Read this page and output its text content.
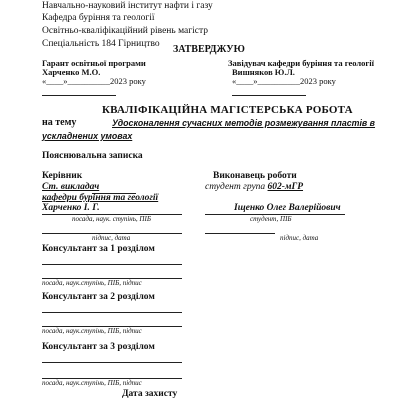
Навчально-науковий інститут нафти і газу
Кафедра буріння та геології
Освітньо-кваліфікаційний рівень магістр
Спеціальність 184 Гірництво ЗАТВЕРДЖУЮ
Гарант освітньої програми
Харченко М.О.
«____»__________2023 року
Завідувач кафедри буріння та геології
Вишняков Ю.Л.
«____»__________2023 року
КВАЛІФІКАЦІЙНА МАГІСТЕРСЬКА РОБОТА
на тему	Удосконалення сучасних методів розмежування пластів в
ускладнених умовах
Пояснювальна записка
Керівник
Ст. викладач
кафедри буріння та геології
Харченко І. Г.
посада, наук. ступінь, ПІБ
підпис, дата
Виконавець роботи
студент група 602-мГР
Іщенко Олег Валерійович
студент, ПІБ
підпис, дата
Консультант за 1 розділом
посада, наук.ступінь, ПІБ, підпис
Консультант за 2 розділом
посада, наук.ступінь, ПІБ, підпис
Консультант за 3 розділом
посада, наук.ступінь, ПІБ, підпис
Дата захисту
